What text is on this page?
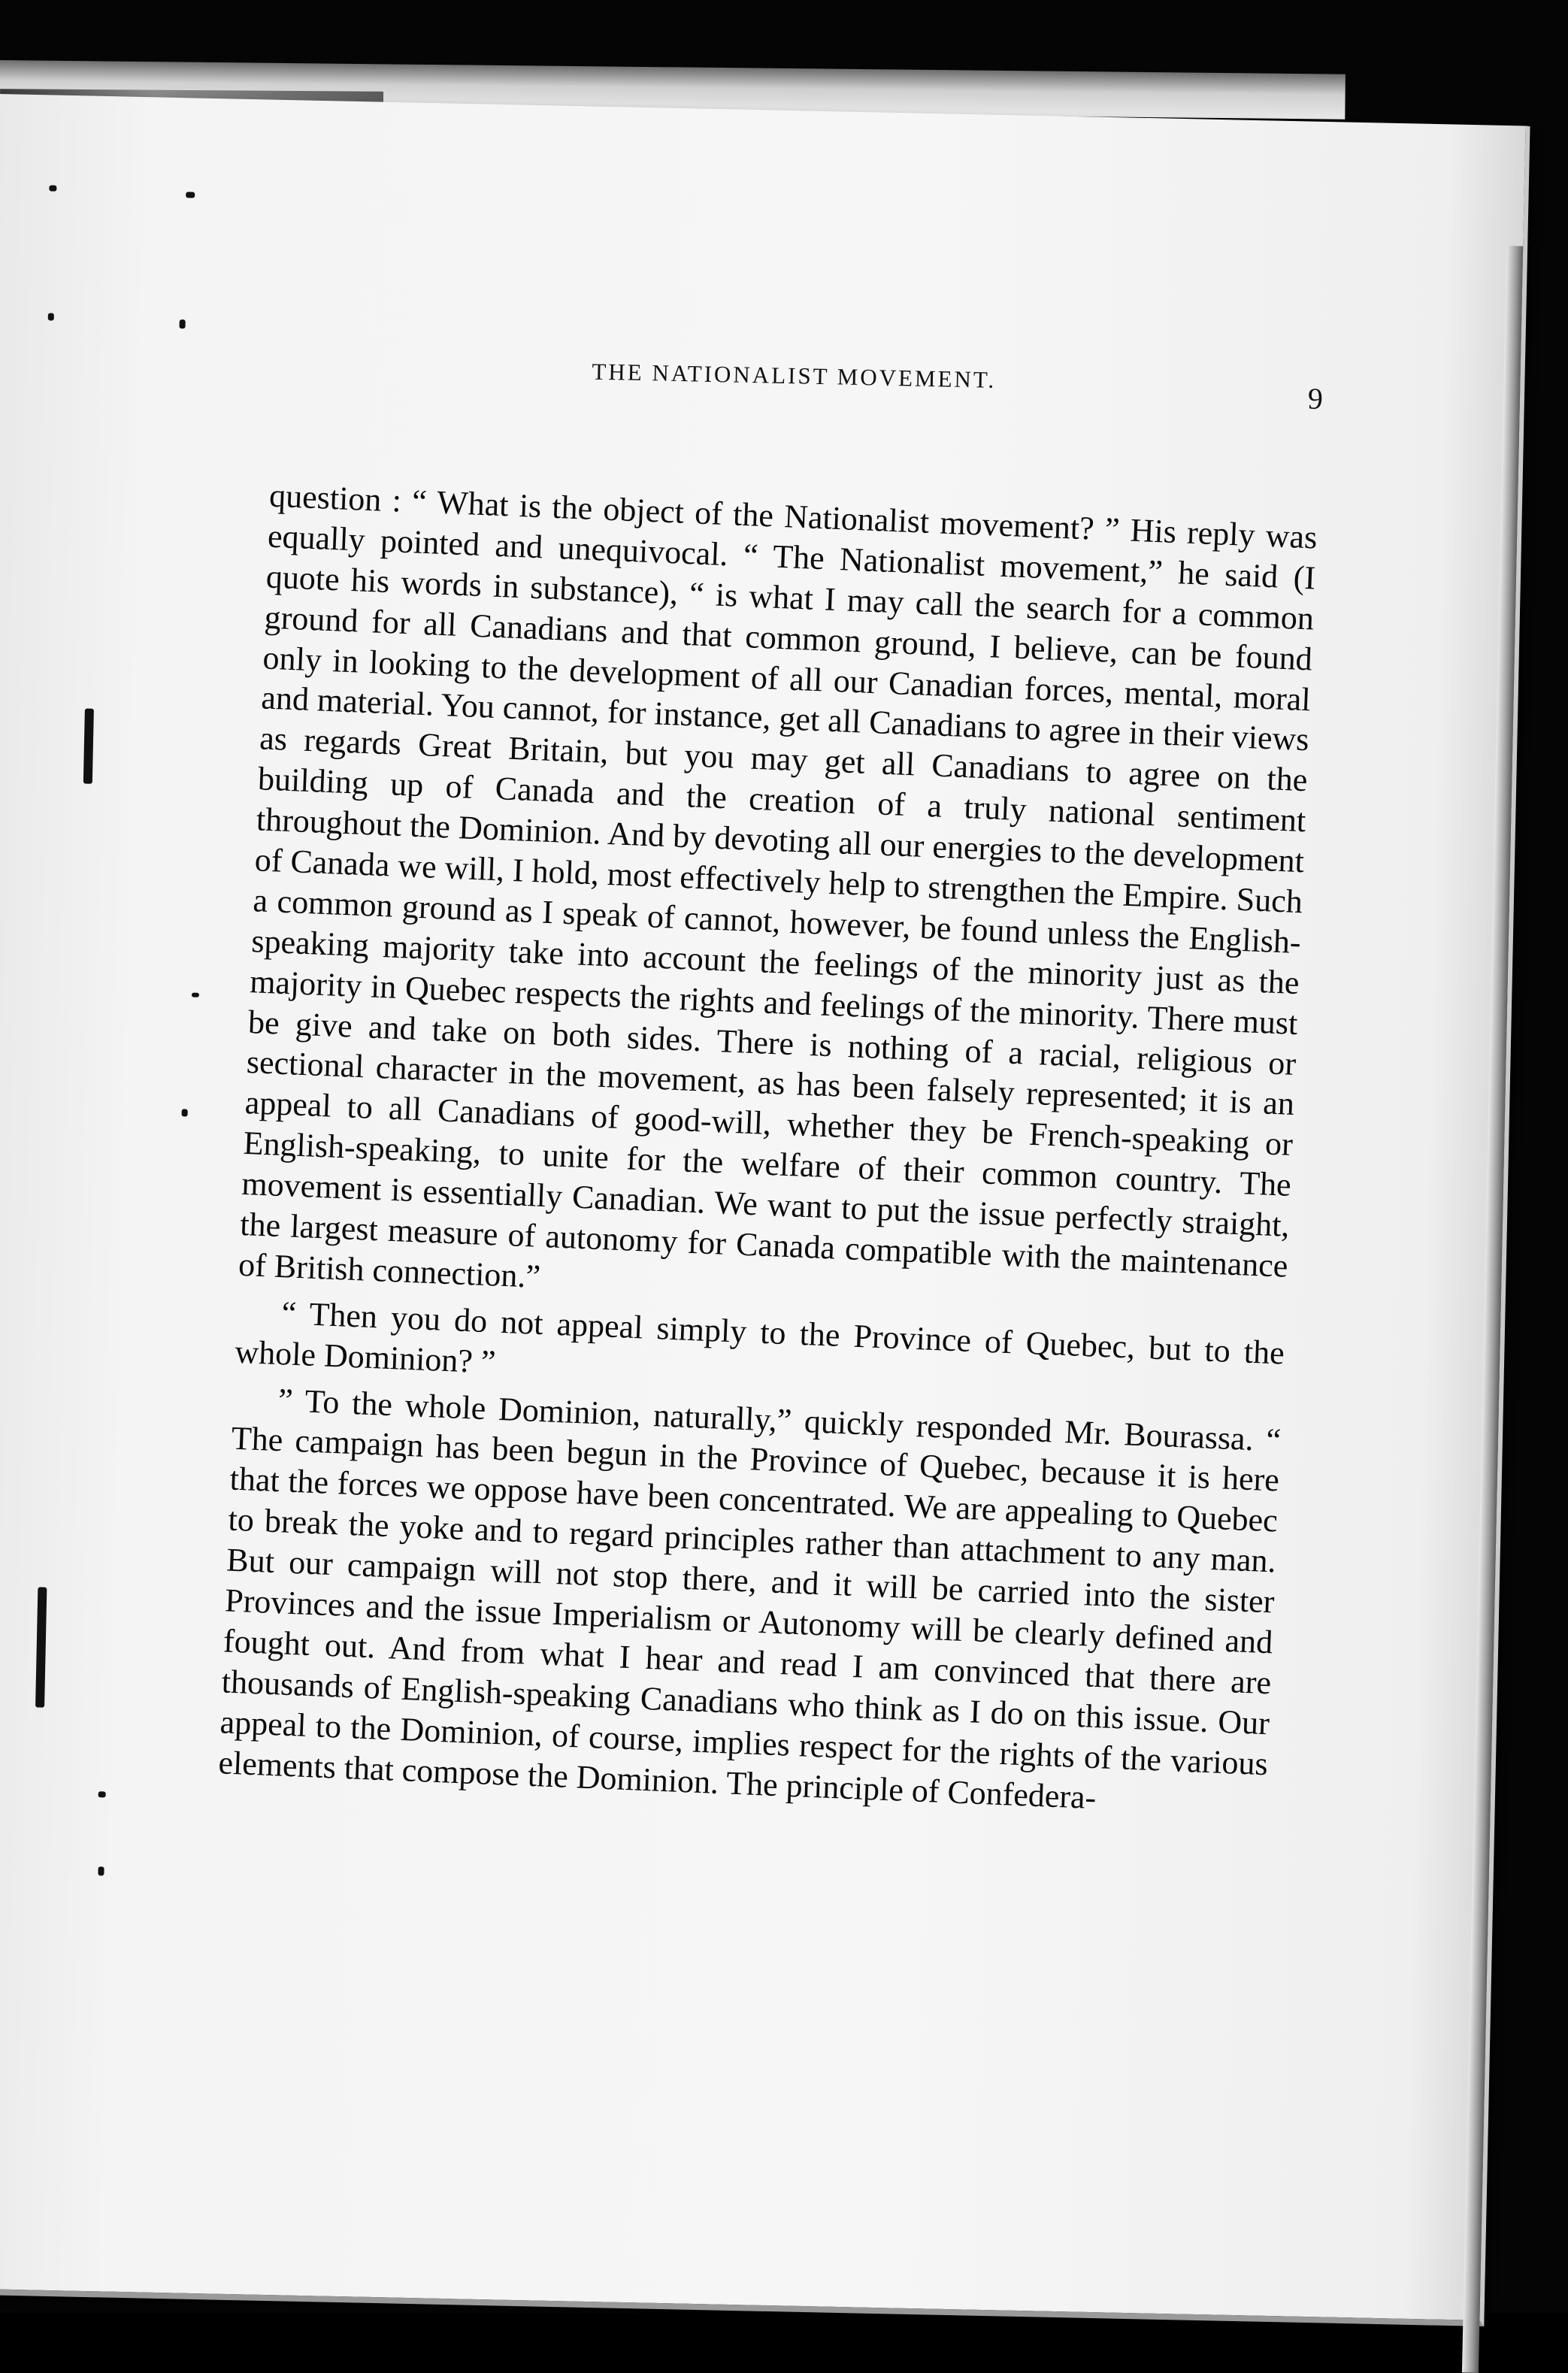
THE NATIONALIST MOVEMENT.
9

question : “ What is the object of the Nationalist movement? ” His reply was equally pointed and unequivocal. “ The Nationalist movement,” he said (I quote his words in substance), “ is what I may call the search for a common ground for all Canadians and that common ground, I believe, can be found only in looking to the development of all our Canadian forces, mental, moral and material. You cannot, for instance, get all Canadians to agree in their views as regards Great Britain, but you may get all Canadians to agree on the building up of Canada and the creation of a truly national sentiment throughout the Dominion. And by devoting all our energies to the development of Canada we will, I hold, most effectively help to strengthen the Empire. Such a common ground as I speak of cannot, however, be found unless the English-speaking majority take into account the feelings of the minority just as the majority in Quebec respects the rights and feelings of the minority. There must be give and take on both sides. There is nothing of a racial, religious or sectional character in the movement, as has been falsely represented; it is an appeal to all Canadians of good-will, whether they be French-speaking or English-speaking, to unite for the welfare of their common country. The movement is essentially Canadian. We want to put the issue perfectly straight, the largest measure of autonomy for Canada compatible with the maintenance of British connection.”

“ Then you do not appeal simply to the Province of Quebec, but to the whole Dominion? ”

” To the whole Dominion, naturally,” quickly responded Mr. Bourassa. “ The campaign has been begun in the Province of Quebec, because it is here that the forces we oppose have been concentrated. We are appealing to Quebec to break the yoke and to regard principles rather than attachment to any man. But our campaign will not stop there, and it will be carried into the sister Provinces and the issue Imperialism or Autonomy will be clearly defined and fought out. And from what I hear and read I am convinced that there are thousands of English-speaking Canadians who think as I do on this issue. Our appeal to the Dominion, of course, implies respect for the rights of the various elements that compose the Dominion. The principle of Confedera-
